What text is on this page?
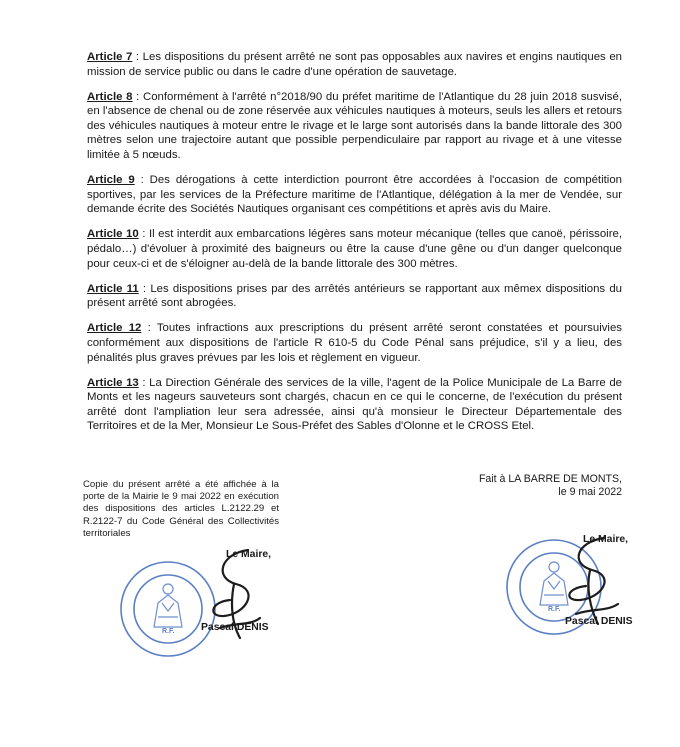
Article 7 : Les dispositions du présent arrêté ne sont pas opposables aux navires et engins nautiques en mission de service public ou dans le cadre d'une opération de sauvetage.

Article 8 : Conformément à l'arrêté n°2018/90 du préfet maritime de l'Atlantique du 28 juin 2018 susvisé, en l'absence de chenal ou de zone réservée aux véhicules nautiques à moteurs, seuls les allers et retours des véhicules nautiques à moteur entre le rivage et le large sont autorisés dans la bande littorale des 300 mètres selon une trajectoire autant que possible perpendiculaire par rapport au rivage et à une vitesse limitée à 5 nœuds.

Article 9 : Des dérogations à cette interdiction pourront être accordées à l'occasion de compétition sportives, par les services de la Préfecture maritime de l'Atlantique, délégation à la mer de Vendée, sur demande écrite des Sociétés Nautiques organisant ces compétitions et après avis du Maire.

Article 10 : Il est interdit aux embarcations légères sans moteur mécanique (telles que canoë, périssoire, pédalo…) d'évoluer à proximité des baigneurs ou être la cause d'une gêne ou d'un danger quelconque pour ceux-ci et de s'éloigner au-delà de la bande littorale des 300 mètres.

Article 11 : Les dispositions prises par des arrêtés antérieurs se rapportant aux mêmex dispositions du présent arrêté sont abrogées.

Article 12 : Toutes infractions aux prescriptions du présent arrêté seront constatées et poursuivies conformément aux dispositions de l'article R 610-5 du Code Pénal sans préjudice, s'il y a lieu, des pénalités plus graves prévues par les lois et règlement en vigueur.

Article 13 : La Direction Générale des services de la ville, l'agent de la Police Municipale de La Barre de Monts et les nageurs sauveteurs sont chargés, chacun en ce qui le concerne, de l'exécution du présent arrêté dont l'ampliation leur sera adressée, ainsi qu'à monsieur le Directeur Départementale des Territoires et de la Mer, Monsieur Le Sous-Préfet des Sables d'Olonne et le CROSS Etel.

Copie du présent arrêté a été affichée à la porte de la Mairie le 9 mai 2022 en exécution des dispositions des articles L.2122.29 et R.2122-7 du Code Général des Collectivités territoriales
Fait à LA BARRE DE MONTS,
le 9 mai 2022
R.F.
Le Maire,
Pascal DENIS
R.F.
Le Maire,
Pascal DENIS
